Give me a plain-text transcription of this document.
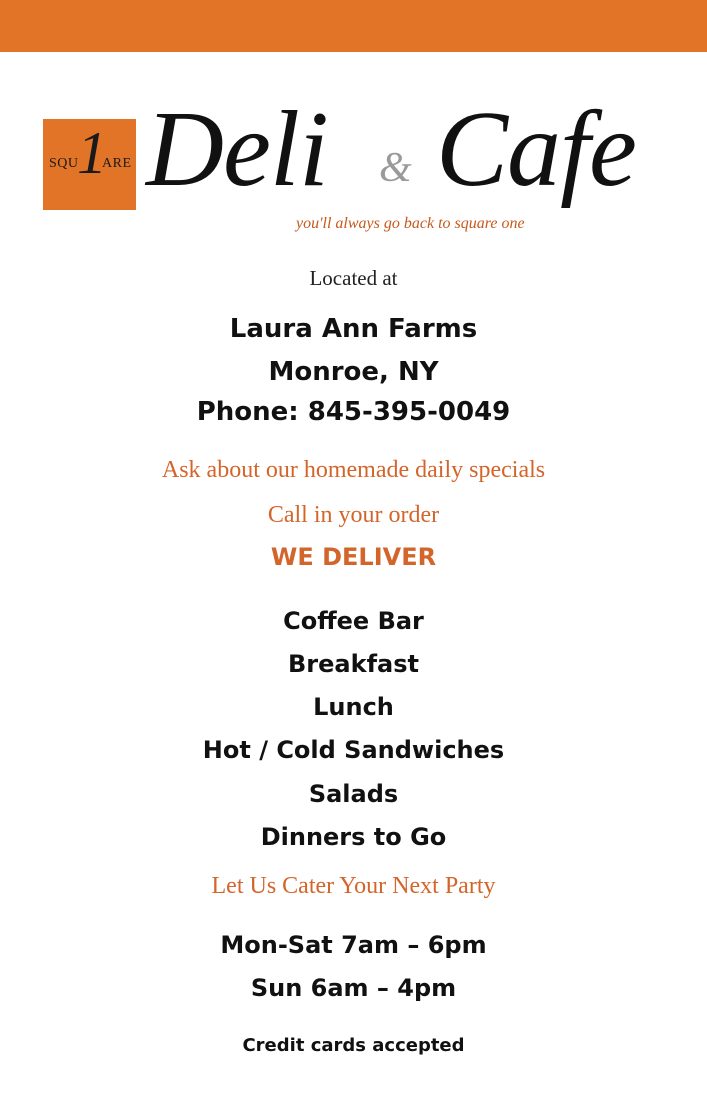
SQU
1
ARE Deli & Cafe
you'll always go back to square one
Located at
Laura Ann Farms
Monroe, NY
Phone: 845-395-0049
Ask about our homemade daily specials
Call in your order
WE DELIVER
Coffee Bar
Breakfast
Lunch
Hot / Cold Sandwiches
Salads
Dinners to Go
Let Us Cater Your Next Party
Mon-Sat 7am – 6pm
Sun 6am – 4pm
Credit cards accepted
